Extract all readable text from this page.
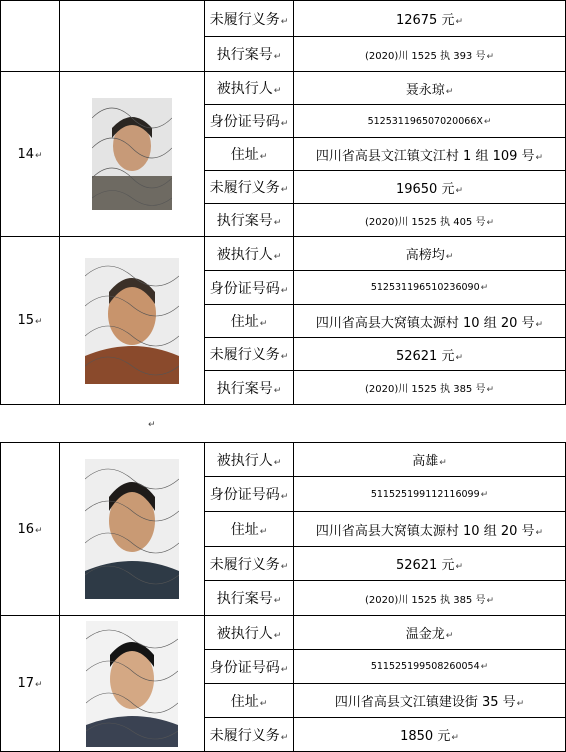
		未履行义务↵	12675 元↵
		执行案号↵	(2020)川 1525 执 393 号↵
14↵		被执行人↵	聂永琼↵
		身份证号码↵	512531196507020066X↵
		住址↵	四川省高县文江镇文江村 1 组 109 号↵
		未履行义务↵	19650 元↵
		执行案号↵	(2020)川 1525 执 405 号↵
15↵		被执行人↵	高榜均↵
		身份证号码↵	512531196510236090↵
		住址↵	四川省高县大窝镇太源村 10 组 20 号↵
		未履行义务↵	52621 元↵
		执行案号↵	(2020)川 1525 执 385 号↵
↵
16↵		被执行人↵	高雄↵
		身份证号码↵	511525199112116099↵
		住址↵	四川省高县大窝镇太源村 10 组 20 号↵
		未履行义务↵	52621 元↵
		执行案号↵	(2020)川 1525 执 385 号↵
17↵		被执行人↵	温金龙↵
		身份证号码↵	511525199508260054↵
		住址↵	四川省高县文江镇建设街 35 号↵
		未履行义务↵	1850 元↵
